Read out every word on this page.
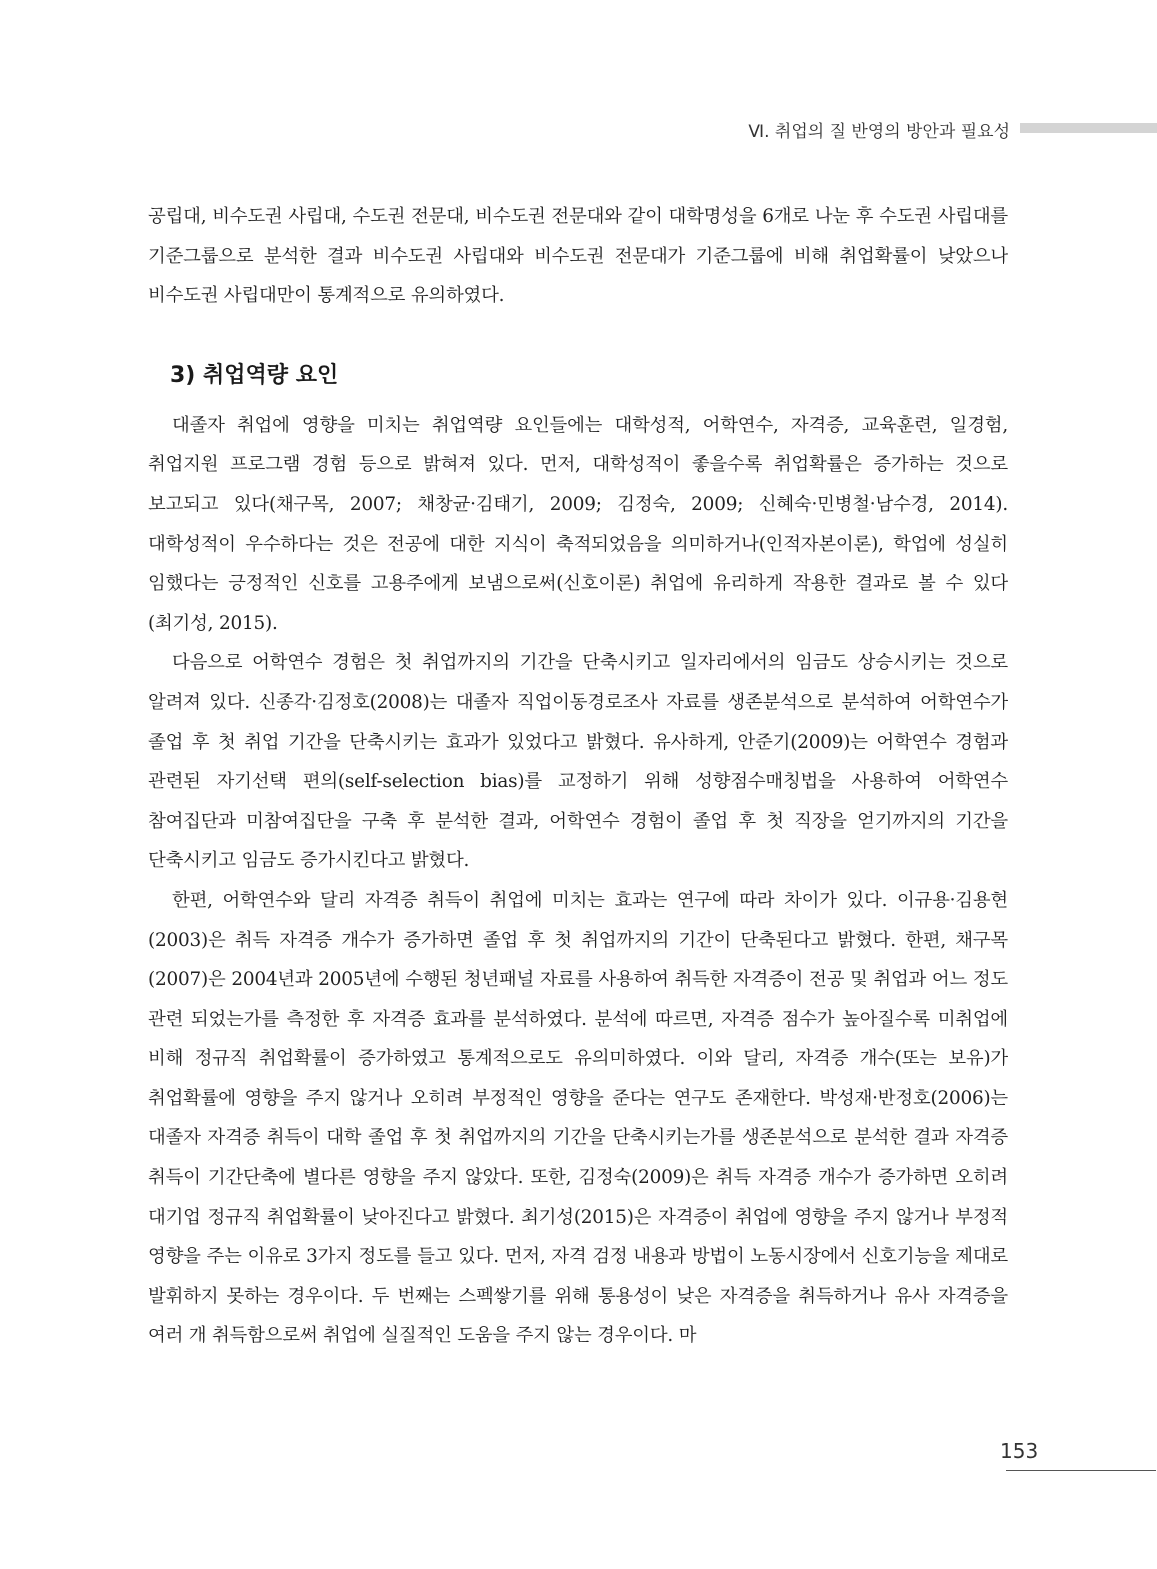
Ⅵ. 취업의 질 반영의 방안과 필요성

공립대, 비수도권 사립대, 수도권 전문대, 비수도권 전문대와 같이 대학명성을 6개로 나눈 후 수도권 사립대를 기준그룹으로 분석한 결과 비수도권 사립대와 비수도권 전문대가 기준그룹에 비해 취업확률이 낮았으나 비수도권 사립대만이 통계적으로 유의하였다.

3) 취업역량 요인

대졸자 취업에 영향을 미치는 취업역량 요인들에는 대학성적, 어학연수, 자격증, 교육훈련, 일경험, 취업지원 프로그램 경험 등으로 밝혀져 있다. 먼저, 대학성적이 좋을수록 취업확률은 증가하는 것으로 보고되고 있다(채구목, 2007; 채창균·김태기, 2009; 김정숙, 2009; 신혜숙·민병철·남수경, 2014). 대학성적이 우수하다는 것은 전공에 대한 지식이 축적되었음을 의미하거나(인적자본이론), 학업에 성실히 임했다는 긍정적인 신호를 고용주에게 보냄으로써(신호이론) 취업에 유리하게 작용한 결과로 볼 수 있다(최기성, 2015).

다음으로 어학연수 경험은 첫 취업까지의 기간을 단축시키고 일자리에서의 임금도 상승시키는 것으로 알려져 있다. 신종각·김정호(2008)는 대졸자 직업이동경로조사 자료를 생존분석으로 분석하여 어학연수가 졸업 후 첫 취업 기간을 단축시키는 효과가 있었다고 밝혔다. 유사하게, 안준기(2009)는 어학연수 경험과 관련된 자기선택 편의(self-selection bias)를 교정하기 위해 성향점수매칭법을 사용하여 어학연수 참여집단과 미참여집단을 구축 후 분석한 결과, 어학연수 경험이 졸업 후 첫 직장을 얻기까지의 기간을 단축시키고 임금도 증가시킨다고 밝혔다.

한편, 어학연수와 달리 자격증 취득이 취업에 미치는 효과는 연구에 따라 차이가 있다. 이규용·김용현(2003)은 취득 자격증 개수가 증가하면 졸업 후 첫 취업까지의 기간이 단축된다고 밝혔다. 한편, 채구목(2007)은 2004년과 2005년에 수행된 청년패널 자료를 사용하여 취득한 자격증이 전공 및 취업과 어느 정도 관련 되었는가를 측정한 후 자격증 효과를 분석하였다. 분석에 따르면, 자격증 점수가 높아질수록 미취업에 비해 정규직 취업확률이 증가하였고 통계적으로도 유의미하였다. 이와 달리, 자격증 개수(또는 보유)가 취업확률에 영향을 주지 않거나 오히려 부정적인 영향을 준다는 연구도 존재한다. 박성재·반정호(2006)는 대졸자 자격증 취득이 대학 졸업 후 첫 취업까지의 기간을 단축시키는가를 생존분석으로 분석한 결과 자격증 취득이 기간단축에 별다른 영향을 주지 않았다. 또한, 김정숙(2009)은 취득 자격증 개수가 증가하면 오히려 대기업 정규직 취업확률이 낮아진다고 밝혔다. 최기성(2015)은 자격증이 취업에 영향을 주지 않거나 부정적 영향을 주는 이유로 3가지 정도를 들고 있다. 먼저, 자격 검정 내용과 방법이 노동시장에서 신호기능을 제대로 발휘하지 못하는 경우이다. 두 번째는 스펙쌓기를 위해 통용성이 낮은 자격증을 취득하거나 유사 자격증을 여러 개 취득함으로써 취업에 실질적인 도움을 주지 않는 경우이다. 마

153
